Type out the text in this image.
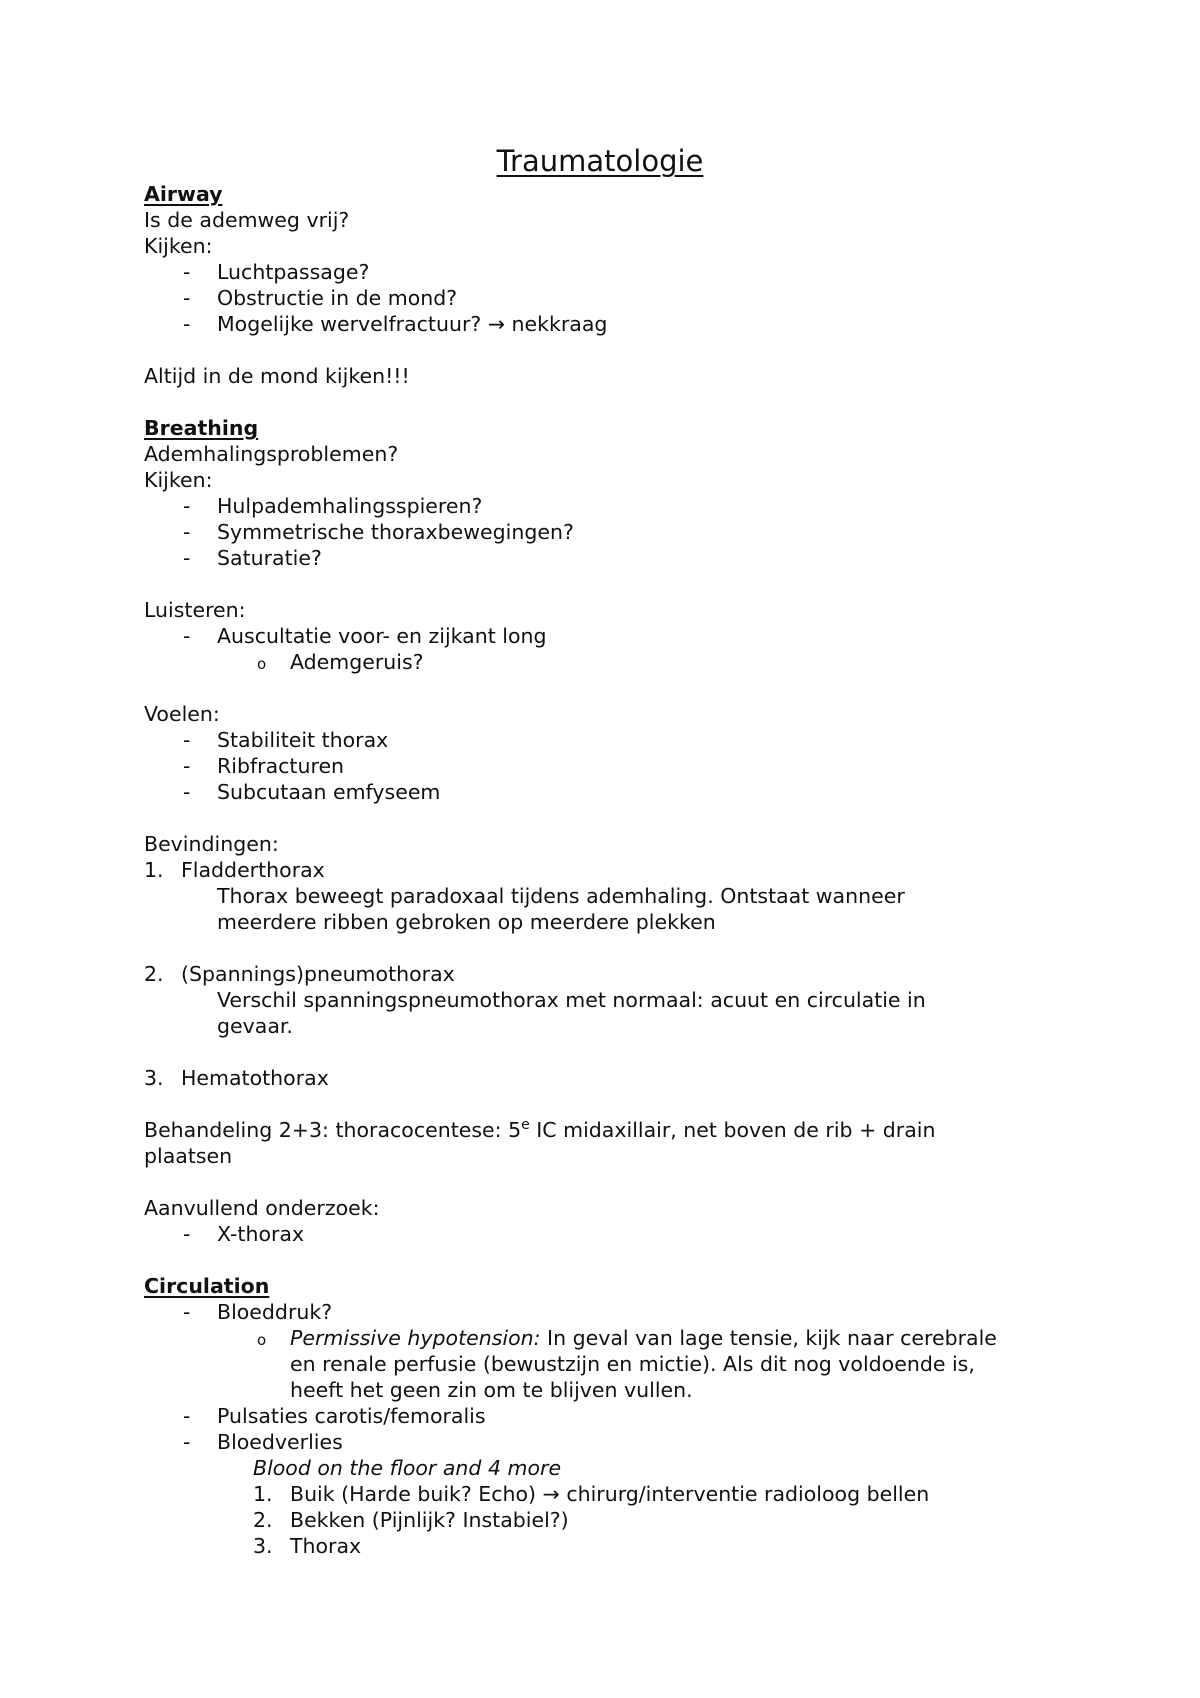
Traumatologie
Airway
Is de ademweg vrij?
Kijken:
- Luchtpassage?
- Obstructie in de mond?
- Mogelijke wervelfractuur? → nekkraag
Altijd in de mond kijken!!!
Breathing
Ademhalingsproblemen?
Kijken:
- Hulpademhalingsspieren?
- Symmetrische thoraxbewegingen?
- Saturatie?
Luisteren:
- Auscultatie voor- en zijkant long
o Ademgeruis?
Voelen:
- Stabiliteit thorax
- Ribfracturen
- Subcutaan emfyseem
Bevindingen:
1. Fladderthorax
Thorax beweegt paradoxaal tijdens ademhaling. Ontstaat wanneer
meerdere ribben gebroken op meerdere plekken
2. (Spannings)pneumothorax
Verschil spanningspneumothorax met normaal: acuut en circulatie in
gevaar.
3. Hematothorax
Behandeling 2+3: thoracocentese: 5e IC midaxillair, net boven de rib + drain
plaatsen
Aanvullend onderzoek:
- X-thorax
Circulation
- Bloeddruk?
o Permissive hypotension: In geval van lage tensie, kijk naar cerebrale
en renale perfusie (bewustzijn en mictie). Als dit nog voldoende is,
heeft het geen zin om te blijven vullen.
- Pulsaties carotis/femoralis
- Bloedverlies
Blood on the floor and 4 more
1. Buik (Harde buik? Echo) → chirurg/interventie radioloog bellen
2. Bekken (Pijnlijk? Instabiel?)
3. Thorax
